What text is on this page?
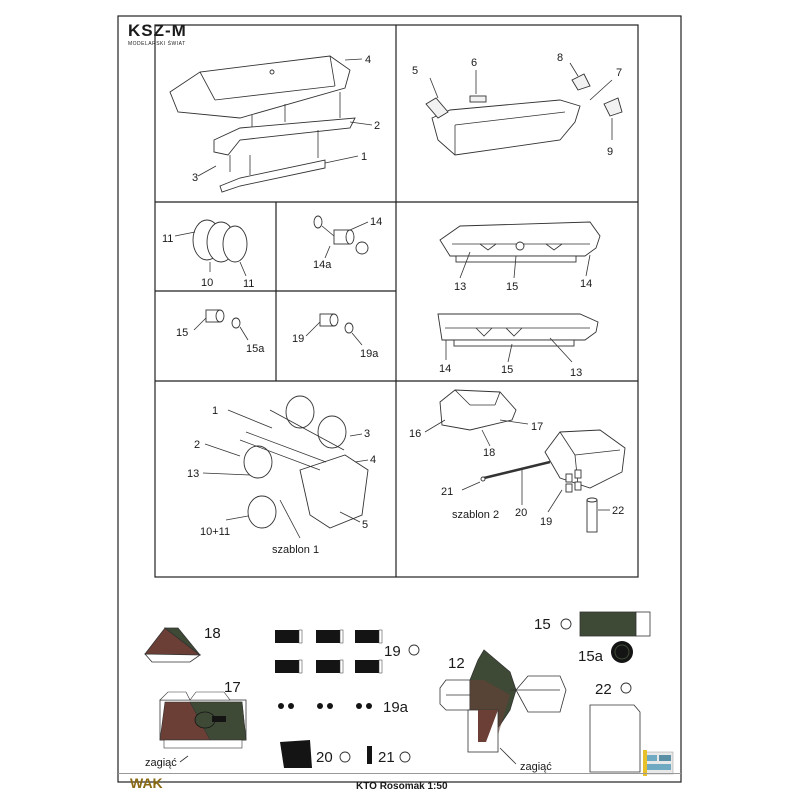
KSZ-M
MODELARSKI ŚWIAT
4
2
1
3
5
6
7
8
9
11
10	11
14
14a
15
15a
19
19a
13	15	14
14	15	13
1
2
13
10+11
3
4
5
szablon 1
16
17
18
21
20
19
22
szablon 2
18
17
zagiąć
19
19a
20	21
12
zagiąć
15
15a
22
WAK	KTO Rosomak 1:50
